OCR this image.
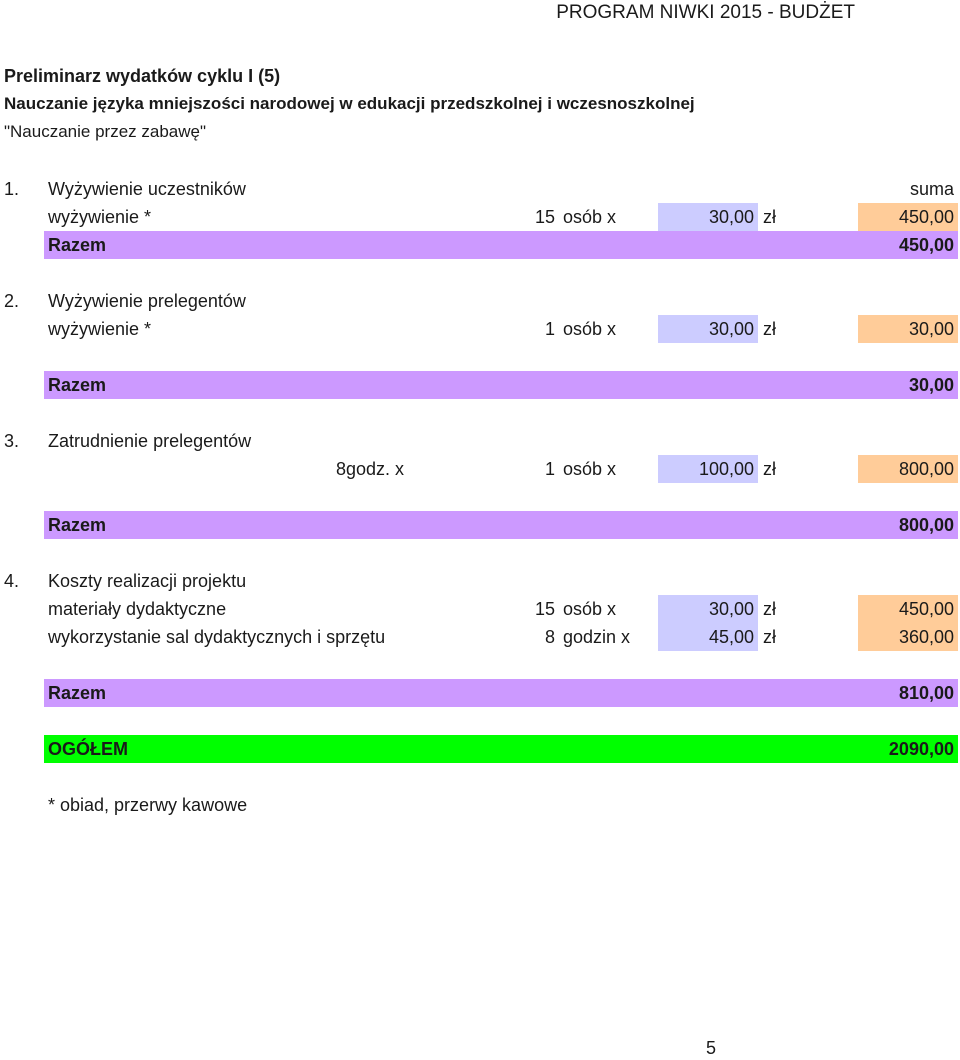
PROGRAM NIWKI 2015 - BUDŻET
Preliminarz wydatków cyklu I (5)
Nauczanie języka mniejszości narodowej w edukacji przedszkolnej i wczesnoszkolnej
"Nauczanie przez zabawę"
1.	Wyżywienie uczestników	suma
wyżywienie *	15 osób x	30,00 zł	450,00
Razem	450,00
2.	Wyżywienie prelegentów
wyżywienie *	1 osób x	30,00 zł	30,00
Razem	30,00
3.	Zatrudnienie prelegentów
8 godz. x	1 osób x	100,00 zł	800,00
Razem	800,00
4.	Koszty realizacji projektu
materiały dydaktyczne	15 osób x	30,00 zł	450,00
wykorzystanie sal dydaktycznych i sprzętu	8 godzin x	45,00 zł	360,00
Razem	810,00
OGÓŁEM	2090,00
* obiad, przerwy kawowe
5
